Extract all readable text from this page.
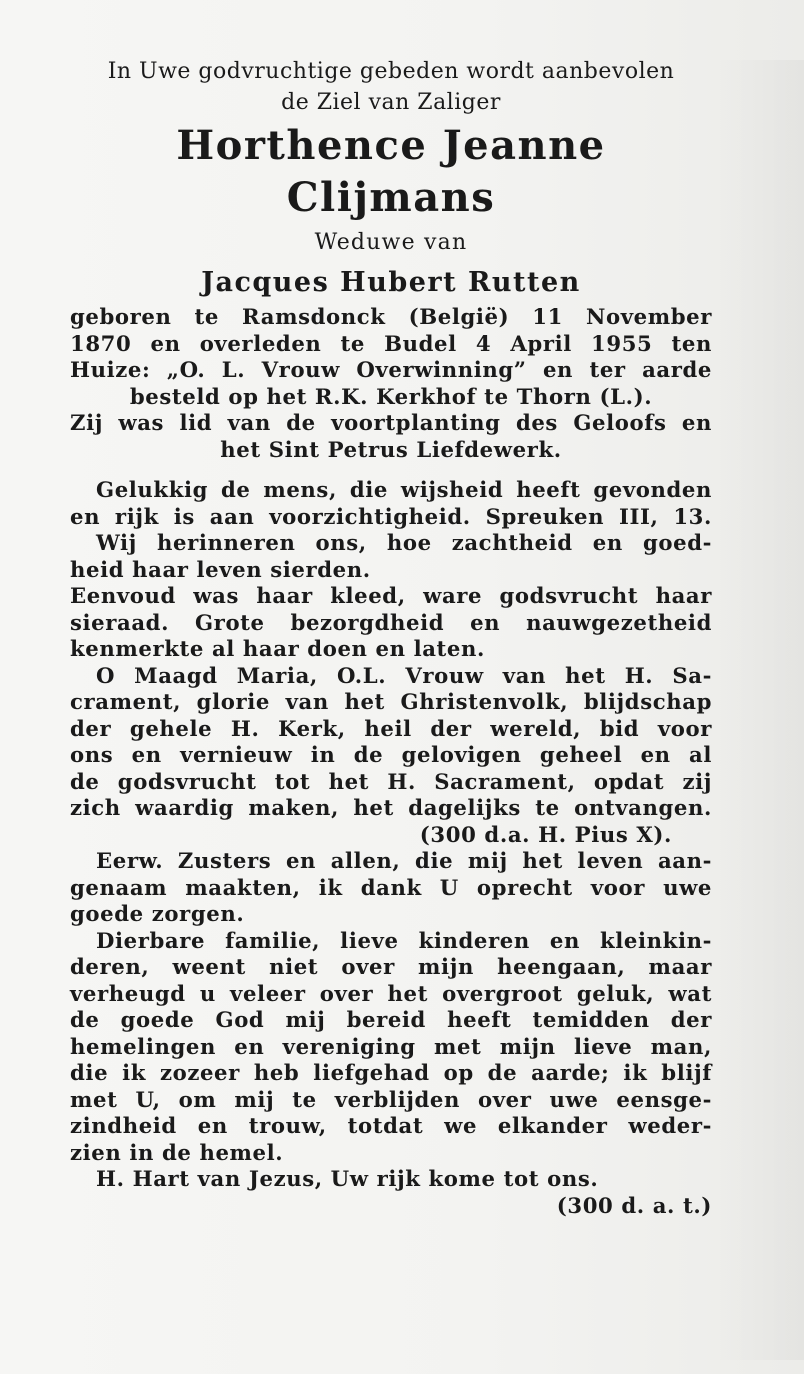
In Uwe godvruchtige gebeden wordt aanbevolen
de Ziel van Zaliger
Horthence Jeanne Clijmans
Weduwe van
Jacques Hubert Rutten
geboren te Ramsdonck (België) 11 November
1870 en overleden te Budel 4 April 1955 ten
Huize: „O. L. Vrouw Overwinning” en ter aarde
besteld op het R.K. Kerkhof te Thorn (L.).
Zij was lid van de voortplanting des Geloofs en
het Sint Petrus Liefdewerk.
Gelukkig de mens, die wijsheid heeft gevonden
en rijk is aan voorzichtigheid. Spreuken III, 13.
Wij herinneren ons, hoe zachtheid en goed-
heid haar leven sierden.
Eenvoud was haar kleed, ware godsvrucht haar
sieraad. Grote bezorgdheid en nauwgezetheid
kenmerkte al haar doen en laten.
O Maagd Maria, O.L. Vrouw van het H. Sa-
crament, glorie van het Ghristenvolk, blijdschap
der gehele H. Kerk, heil der wereld, bid voor
ons en vernieuw in de gelovigen geheel en al
de godsvrucht tot het H. Sacrament, opdat zij
zich waardig maken, het dagelijks te ontvangen.
(300 d.a. H. Pius X).
Eerw. Zusters en allen, die mij het leven aan-
genaam maakten, ik dank U oprecht voor uwe
goede zorgen.
Dierbare familie, lieve kinderen en kleinkin-
deren, weent niet over mijn heengaan, maar
verheugd u veleer over het overgroot geluk, wat
de goede God mij bereid heeft temidden der
hemelingen en vereniging met mijn lieve man,
die ik zozeer heb liefgehad op de aarde; ik blijf
met U, om mij te verblijden over uwe eensge-
zindheid en trouw, totdat we elkander weder-
zien in de hemel.
H. Hart van Jezus, Uw rijk kome tot ons.
(300 d. a. t.)
